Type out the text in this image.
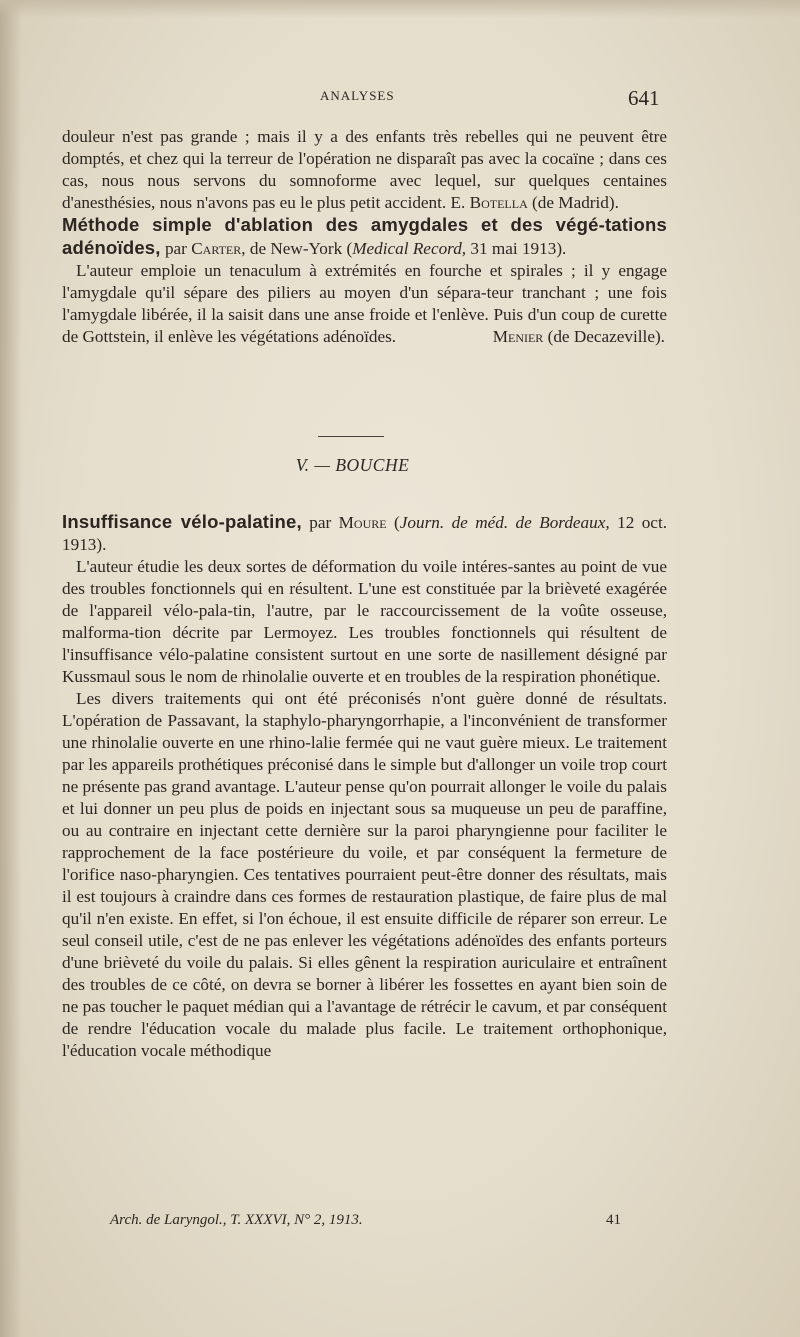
ANALYSES	641

douleur n'est pas grande ; mais il y a des enfants très rebelles qui ne peuvent être domptés, et chez qui la terreur de l'opération ne disparaît pas avec la cocaïne ; dans ces cas, nous nous servons du somnoforme avec lequel, sur quelques centaines d'anesthésies, nous n'avons pas eu le plus petit accident. E. Botella (de Madrid).

Méthode simple d'ablation des amygdales et des végé-tations adénoïdes, par Carter, de New-York (Medical Record, 31 mai 1913).

L'auteur emploie un tenaculum à extrémités en fourche et spirales ; il y engage l'amygdale qu'il sépare des piliers au moyen d'un sépara-teur tranchant ; une fois l'amygdale libérée, il la saisit dans une anse froide et l'enlève. Puis d'un coup de curette de Gottstein, il enlève les végétations adénoïdes.	Menier (de Decazeville).

V. — BOUCHE

Insuffisance vélo-palatine, par Moure (Journ. de méd. de Bordeaux, 12 oct. 1913).

L'auteur étudie les deux sortes de déformation du voile intéres-santes au point de vue des troubles fonctionnels qui en résultent. L'une est constituée par la brièveté exagérée de l'appareil vélo-pala-tin, l'autre, par le raccourcissement de la voûte osseuse, malforma-tion décrite par Lermoyez. Les troubles fonctionnels qui résultent de l'insuffisance vélo-palatine consistent surtout en une sorte de nasillement désigné par Kussmaul sous le nom de rhinolalie ouverte et en troubles de la respiration phonétique.

Les divers traitements qui ont été préconisés n'ont guère donné de résultats. L'opération de Passavant, la staphylo-pharyngorrhapie, a l'inconvénient de transformer une rhinolalie ouverte en une rhino-lalie fermée qui ne vaut guère mieux. Le traitement par les appareils prothétiques préconisé dans le simple but d'allonger un voile trop court ne présente pas grand avantage. L'auteur pense qu'on pourrait allonger le voile du palais et lui donner un peu plus de poids en injectant sous sa muqueuse un peu de paraffine, ou au contraire en injectant cette dernière sur la paroi pharyngienne pour faciliter le rapprochement de la face postérieure du voile, et par conséquent la fermeture de l'orifice naso-pharyngien. Ces tentatives pourraient peut-être donner des résultats, mais il est toujours à craindre dans ces formes de restauration plastique, de faire plus de mal qu'il n'en existe. En effet, si l'on échoue, il est ensuite difficile de réparer son erreur. Le seul conseil utile, c'est de ne pas enlever les végétations adénoïdes des enfants porteurs d'une brièveté du voile du palais. Si elles gênent la respiration auriculaire et entraînent des troubles de ce côté, on devra se borner à libérer les fossettes en ayant bien soin de ne pas toucher le paquet médian qui a l'avantage de rétrécir le cavum, et par conséquent de rendre l'éducation vocale du malade plus facile. Le traitement orthophonique, l'éducation vocale méthodique

Arch. de Laryngol., T. XXXVI, N° 2, 1913.	41
